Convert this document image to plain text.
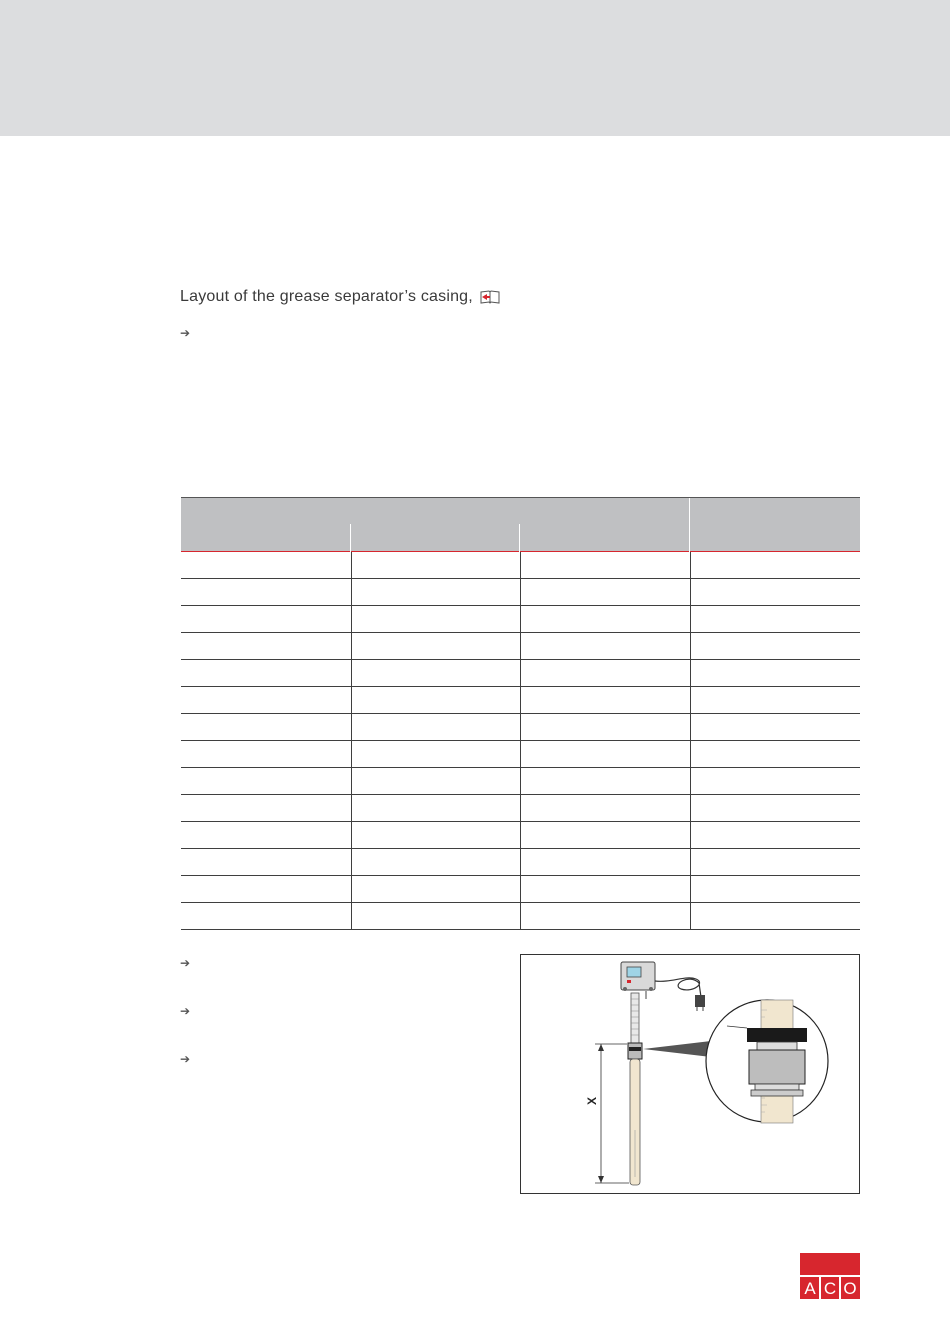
Layout of the grease separator’s casing,
➔

➔
➔
➔
X
A C O
